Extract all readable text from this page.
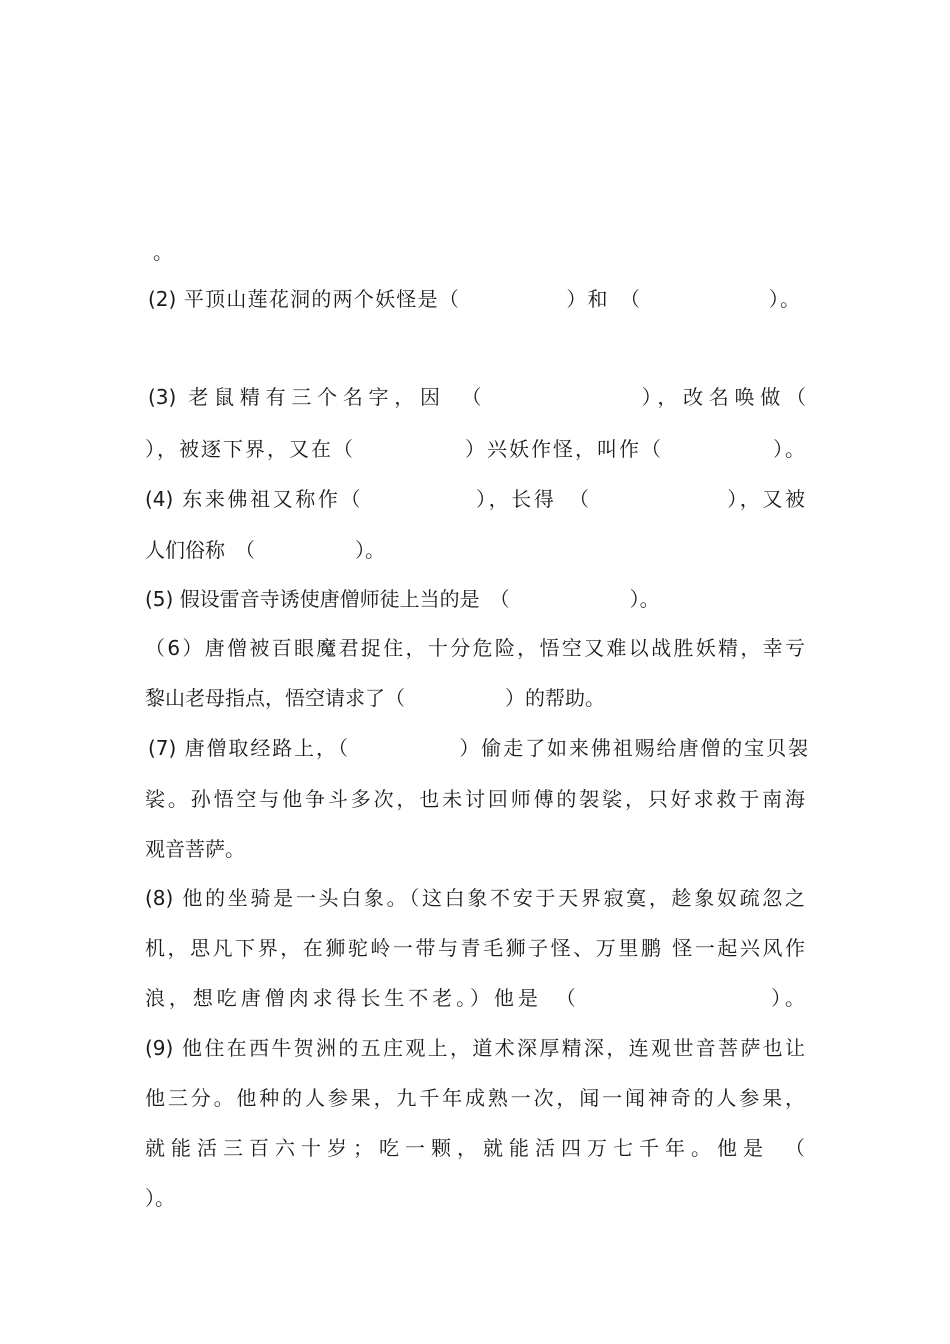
。
(2) 平顶山莲花洞的两个妖怪是（　　　　　）和　（　　　　　　）。
(3) 老鼠精有三个名字，因　（　　　　　　），改名唤做（
），被逐下界，又在（　　　　　）兴妖作怪，叫作（　　　　　）。
(4) 东来佛祖又称作（　　　　　），长得　（　　　　　　），又被
人们俗称　（　　　　　）。
(5) 假设雷音寺诱使唐僧师徒上当的是　（　　　　　　）。
（6）唐僧被百眼魔君捉住，十分危险，悟空又难以战胜妖精，幸亏
黎山老母指点，悟空请求了（　　　　　）的帮助。
(7) 唐僧取经路上，（　　　　　）偷走了如来佛祖赐给唐僧的宝贝袈
裟。孙悟空与他争斗多次，也未讨回师傅的袈裟，只好求救于南海
观音菩萨。
(8) 他的坐骑是一头白象。（这白象不安于天界寂寞，趁象奴疏忽之
机，思凡下界，在狮驼岭一带与青毛狮子怪、万里鹏 怪一起兴风作
浪，想吃唐僧肉求得长生不老。）他是　（　　　　　　　　）。
(9) 他住在西牛贺洲的五庄观上，道术深厚精深，连观世音菩萨也让
他三分。他种的人参果，九千年成熟一次，闻一闻神奇的人参果，
就能活三百六十岁；吃一颗，就能活四万七千年。他是　（
）。
